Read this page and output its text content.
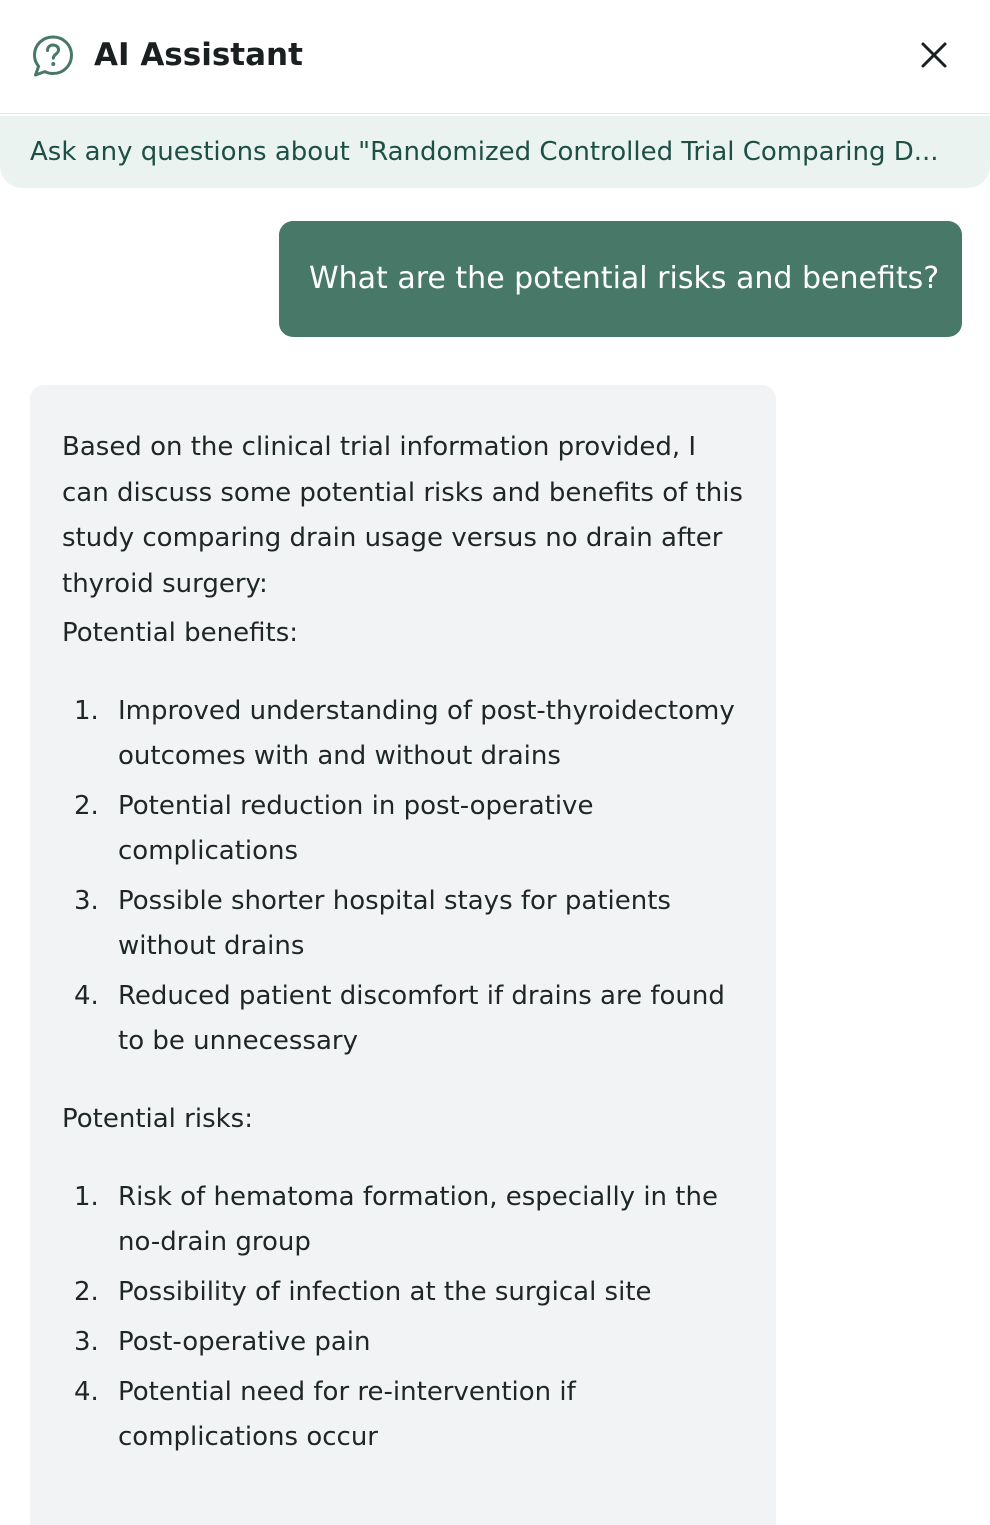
AI Assistant
Ask any questions about "Randomized Controlled Trial Comparing D...
What are the potential risks and benefits?

Based on the clinical trial information provided, I can discuss some potential risks and benefits of this study comparing drain usage versus no drain after thyroid surgery:

Potential benefits:

1. Improved understanding of post-thyroidectomy outcomes with and without drains
2. Potential reduction in post-operative complications
3. Possible shorter hospital stays for patients without drains
4. Reduced patient discomfort if drains are found to be unnecessary

Potential risks:

1. Risk of hematoma formation, especially in the no-drain group
2. Possibility of infection at the surgical site
3. Post-operative pain
4. Potential need for re-intervention if complications occur
